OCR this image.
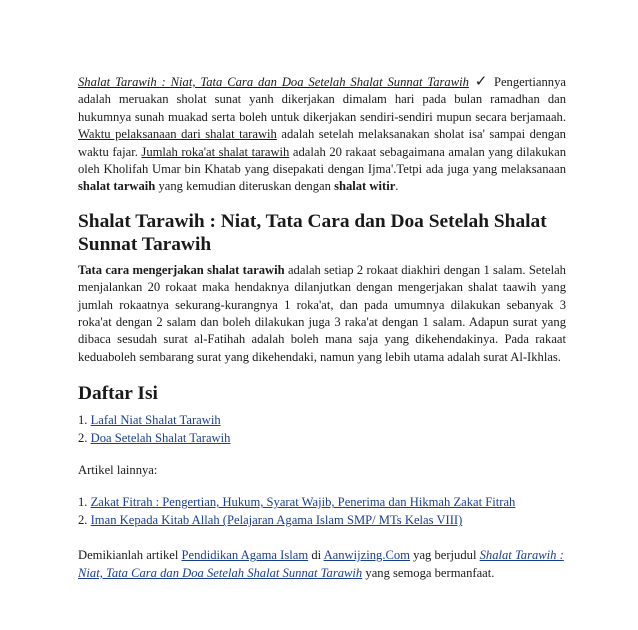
Shalat Tarawih : Niat, Tata Cara dan Doa Setelah Shalat Sunnat Tarawih ✓ Pengertiannya adalah meruakan sholat sunat yanh dikerjakan dimalam hari pada bulan ramadhan dan hukumnya sunah muakad serta boleh untuk dikerjakan sendiri-sendiri mupun secara berjamaah. Waktu pelaksanaan dari shalat tarawih adalah setelah melaksanakan sholat isa' sampai dengan waktu fajar. Jumlah roka'at shalat tarawih adalah 20 rakaat sebagaimana amalan yang dilakukan oleh Kholifah Umar bin Khatab yang disepakati dengan Ijma'.Tetpi ada juga yang melaksanaan shalat tarwaih yang kemudian diteruskan dengan shalat witir.

Shalat Tarawih : Niat, Tata Cara dan Doa Setelah Shalat Sunnat Tarawih

Tata cara mengerjakan shalat tarawih adalah setiap 2 rokaat diakhiri dengan 1 salam. Setelah menjalankan 20 rokaat maka hendaknya dilanjutkan dengan mengerjakan shalat taawih yang jumlah rokaatnya sekurang-kurangnya 1 roka'at, dan pada umumnya dilakukan sebanyak 3 roka'at dengan 2 salam dan boleh dilakukan juga 3 raka'at dengan 1 salam. Adapun surat yang dibaca sesudah surat al-Fatihah adalah boleh mana saja yang dikehendakinya. Pada rakaat keduaboleh sembarang surat yang dikehendaki, namun yang lebih utama adalah surat Al-Ikhlas.

Daftar Isi

1. Lafal Niat Shalat Tarawih

2. Doa Setelah Shalat Tarawih

Artikel lainnya:

1. Zakat Fitrah : Pengertian, Hukum, Syarat Wajib, Penerima dan Hikmah Zakat Fitrah

2. Iman Kepada Kitab Allah (Pelajaran Agama Islam SMP/ MTs Kelas VIII)

Demikianlah artikel Pendidikan Agama Islam di Aanwijzing.Com yag berjudul Shalat Tarawih : Niat, Tata Cara dan Doa Setelah Shalat Sunnat Tarawih yang semoga bermanfaat.
